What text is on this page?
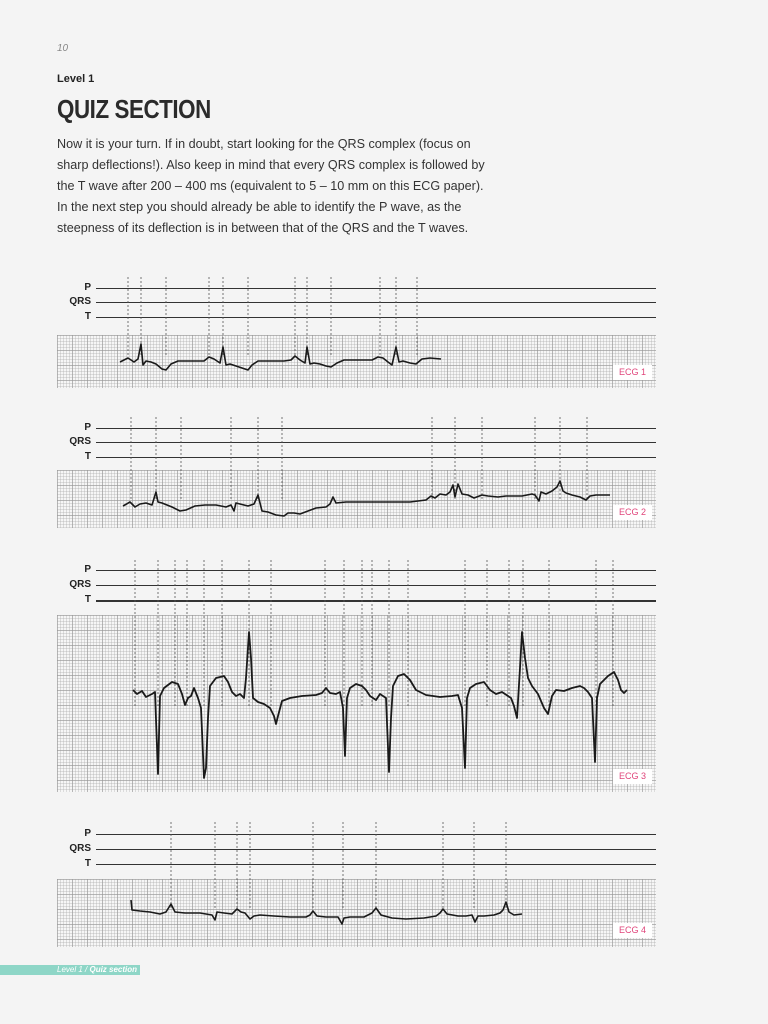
10
Level 1
QUIZ SECTION

Now it is your turn. If in doubt, start looking for the QRS complex (focus on sharp deflections!). Also keep in mind that every QRS complex is followed by the T wave after 200 – 400 ms (equivalent to 5 – 10 mm on this ECG paper). In the next step you should already be able to identify the P wave, as the steepness of its deflection is in between that of the QRS and the T waves.

P
QRS
T
ECG 1
P
QRS
T
ECG 2
P
QRS
T
ECG 3
P
QRS
T
ECG 4
Level 1 / Quiz section
